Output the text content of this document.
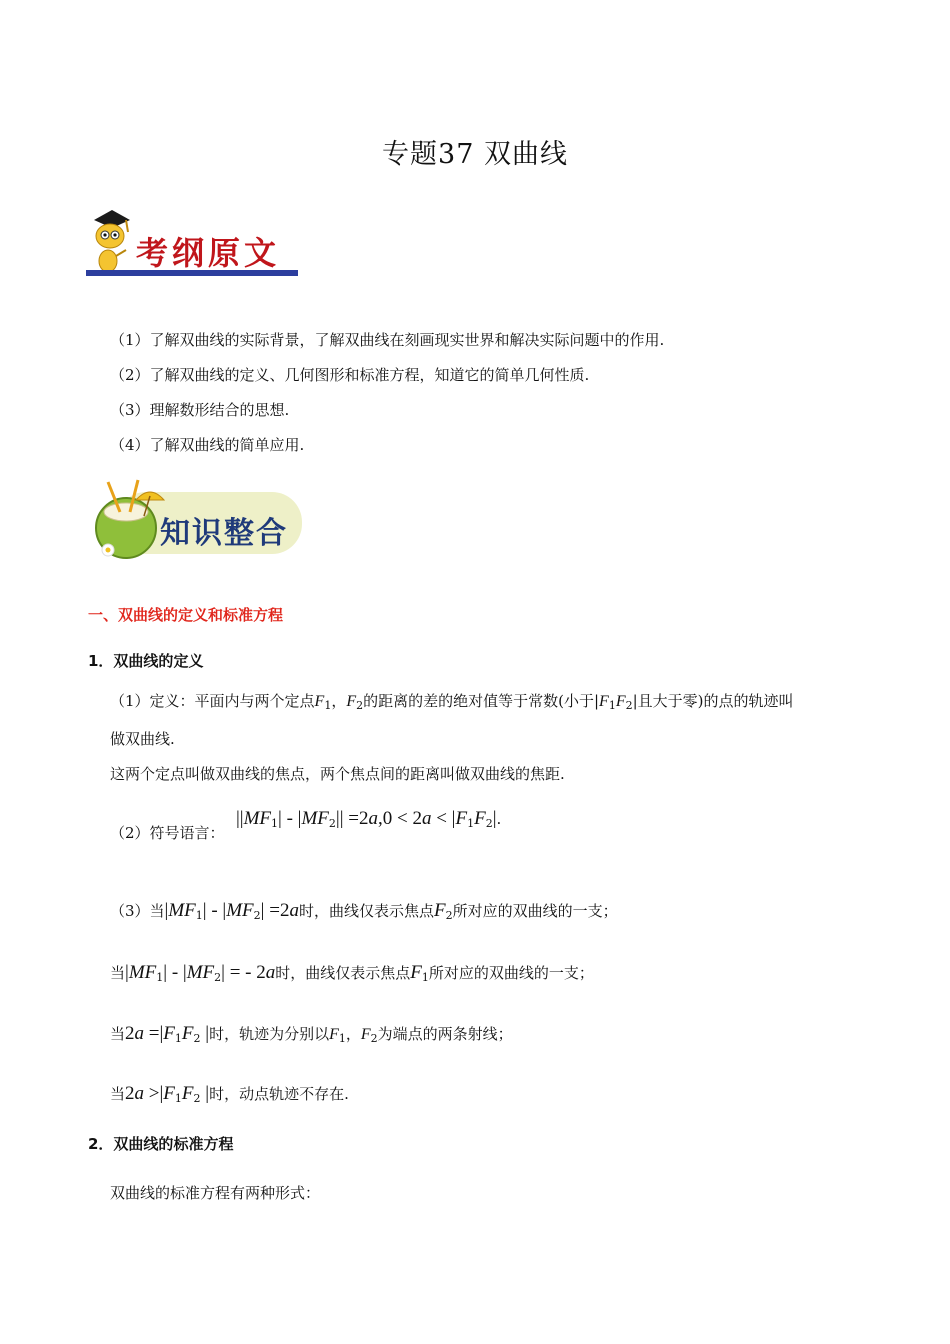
专题37 双曲线
考纲原文
（1）了解双曲线的实际背景，了解双曲线在刻画现实世界和解决实际问题中的作用.
（2）了解双曲线的定义、几何图形和标准方程，知道它的简单几何性质.
（3）理解数形结合的思想.
（4）了解双曲线的简单应用.
知识整合
一、双曲线的定义和标准方程
1．双曲线的定义
（1）定义：平面内与两个定点$F_1$，$F_2$的距离的差的绝对值等于常数(小于$|F_1F_2|$且大于零)的点的轨迹叫
做双曲线.
这两个定点叫做双曲线的焦点，两个焦点间的距离叫做双曲线的焦距.
（2）符号语言：
$||MF_1| - |MF_2|| =2a,0 < 2a < |F_1F_2|$.
（3）当$|MF_1| - |MF_2| =2a$时，曲线仅表示焦点$F_2$所对应的双曲线的一支；
当$|MF_1| - |MF_2|$ = - 2a时，曲线仅表示焦点$F_1$所对应的双曲线的一支；
当$2a =|F_1F_2$ |时，轨迹为分别以$F_1$，$F_2$为端点的两条射线；
当$2a >|F_1F_2$ |时，动点轨迹不存在.
2．双曲线的标准方程
双曲线的标准方程有两种形式：
